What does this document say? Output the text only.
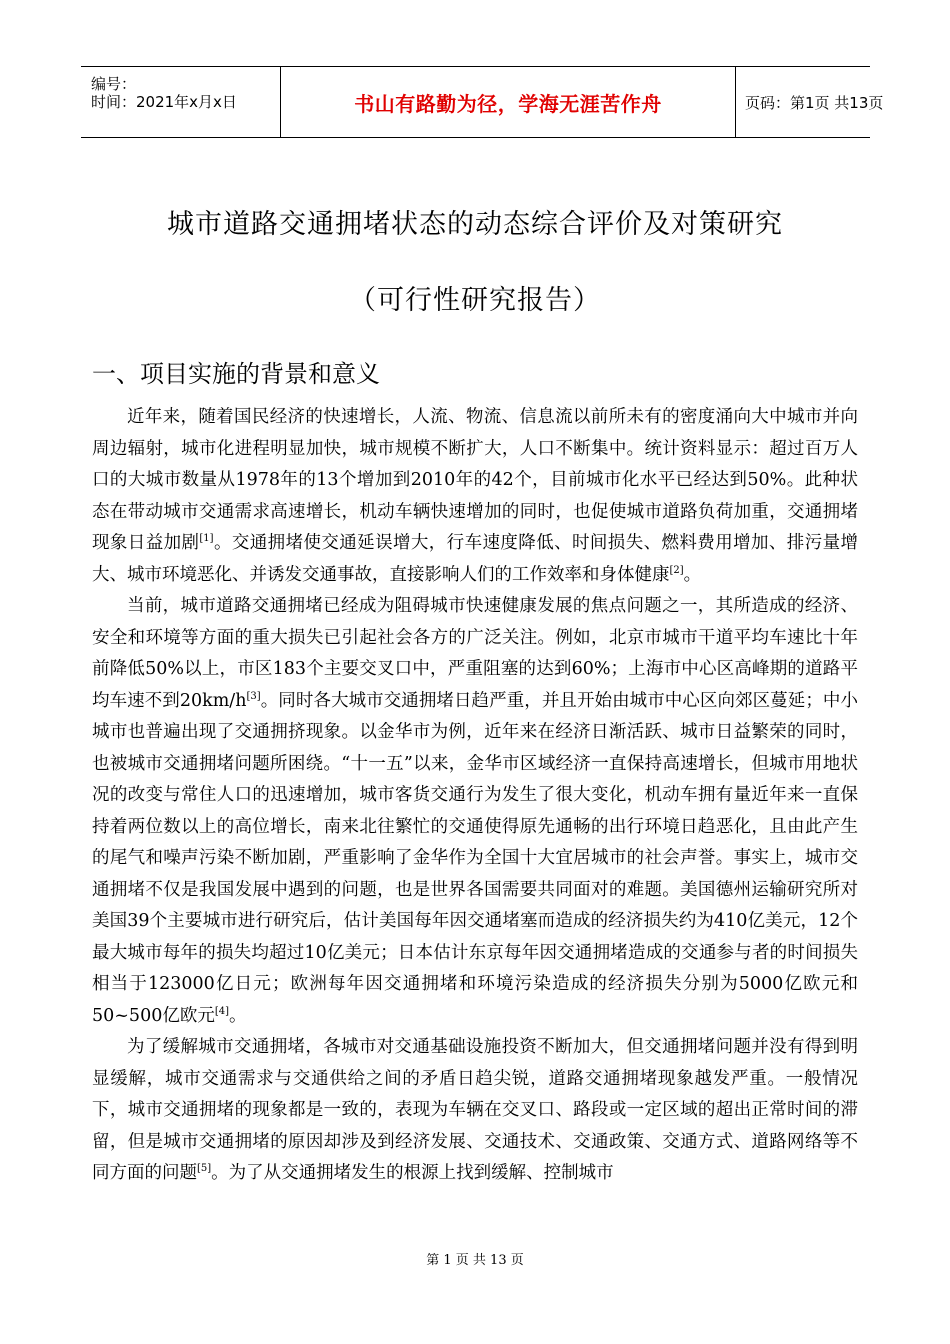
编号：
时间：2021年x月x日	书山有路勤为径，学海无涯苦作舟	页码：第1页 共13页
城市道路交通拥堵状态的动态综合评价及对策研究
（可行性研究报告）
一、项目实施的背景和意义

近年来，随着国民经济的快速增长，人流、物流、信息流以前所未有的密度涌向大中城市并向周边辐射，城市化进程明显加快，城市规模不断扩大，人口不断集中。统计资料显示：超过百万人口的大城市数量从1978年的13个增加到2010年的42个，目前城市化水平已经达到50%。此种状态在带动城市交通需求高速增长，机动车辆快速增加的同时，也促使城市道路负荷加重，交通拥堵现象日益加剧[1]。交通拥堵使交通延误增大，行车速度降低、时间损失、燃料费用增加、排污量增大、城市环境恶化、并诱发交通事故，直接影响人们的工作效率和身体健康[2]。

当前，城市道路交通拥堵已经成为阻碍城市快速健康发展的焦点问题之一，其所造成的经济、安全和环境等方面的重大损失已引起社会各方的广泛关注。例如，北京市城市干道平均车速比十年前降低50%以上，市区183个主要交叉口中，严重阻塞的达到60%；上海市中心区高峰期的道路平均车速不到20km/h[3]。同时各大城市交通拥堵日趋严重，并且开始由城市中心区向郊区蔓延；中小城市也普遍出现了交通拥挤现象。以金华市为例，近年来在经济日渐活跃、城市日益繁荣的同时，也被城市交通拥堵问题所困绕。“十一五”以来，金华市区域经济一直保持高速增长，但城市用地状况的改变与常住人口的迅速增加，城市客货交通行为发生了很大变化，机动车拥有量近年来一直保持着两位数以上的高位增长，南来北往繁忙的交通使得原先通畅的出行环境日趋恶化，且由此产生的尾气和噪声污染不断加剧，严重影响了金华作为全国十大宜居城市的社会声誉。事实上，城市交通拥堵不仅是我国发展中遇到的问题，也是世界各国需要共同面对的难题。美国德州运输研究所对美国39个主要城市进行研究后，估计美国每年因交通堵塞而造成的经济损失约为410亿美元，12个最大城市每年的损失均超过10亿美元；日本估计东京每年因交通拥堵造成的交通参与者的时间损失相当于123000亿日元；欧洲每年因交通拥堵和环境污染造成的经济损失分别为5000亿欧元和50~500亿欧元[4]。

为了缓解城市交通拥堵，各城市对交通基础设施投资不断加大，但交通拥堵问题并没有得到明显缓解，城市交通需求与交通供给之间的矛盾日趋尖锐，道路交通拥堵现象越发严重。一般情况下，城市交通拥堵的现象都是一致的，表现为车辆在交叉口、路段或一定区域的超出正常时间的滞留，但是城市交通拥堵的原因却涉及到经济发展、交通技术、交通政策、交通方式、道路网络等不同方面的问题[5]。为了从交通拥堵发生的根源上找到缓解、控制城市

第 1 页 共 13 页
